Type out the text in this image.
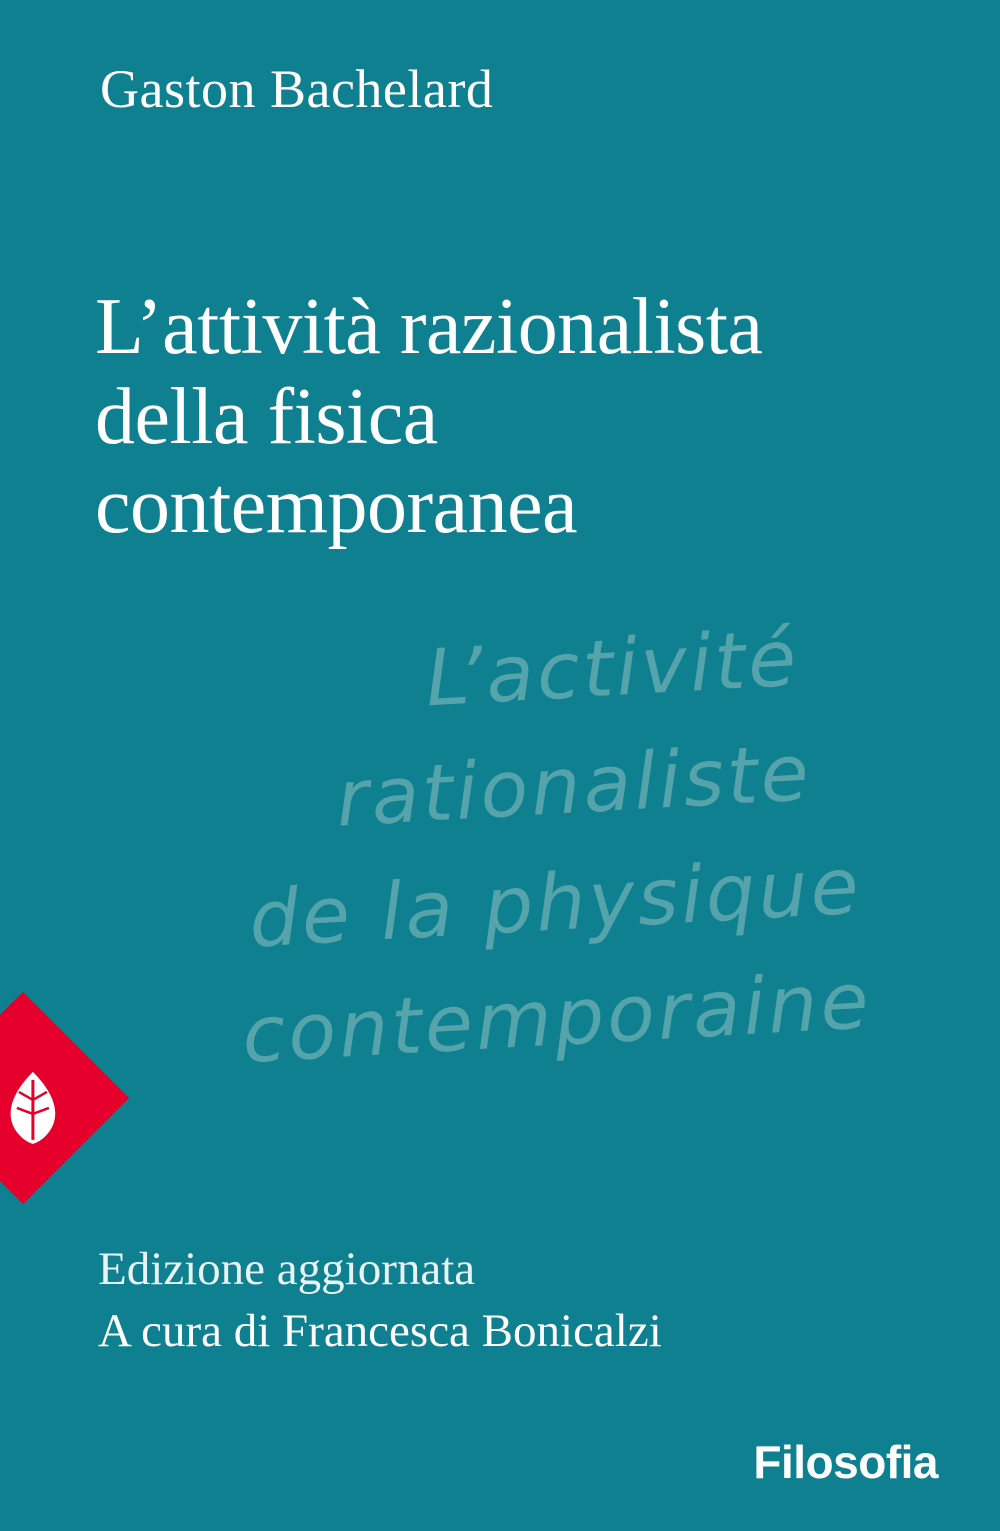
Gaston Bachelard
L’attività razionalista
della fisica
contemporanea
L’activité
rationaliste
de la physique
contemporaine
Edizione aggiornata
A cura di Francesca Bonicalzi
Filosofia
